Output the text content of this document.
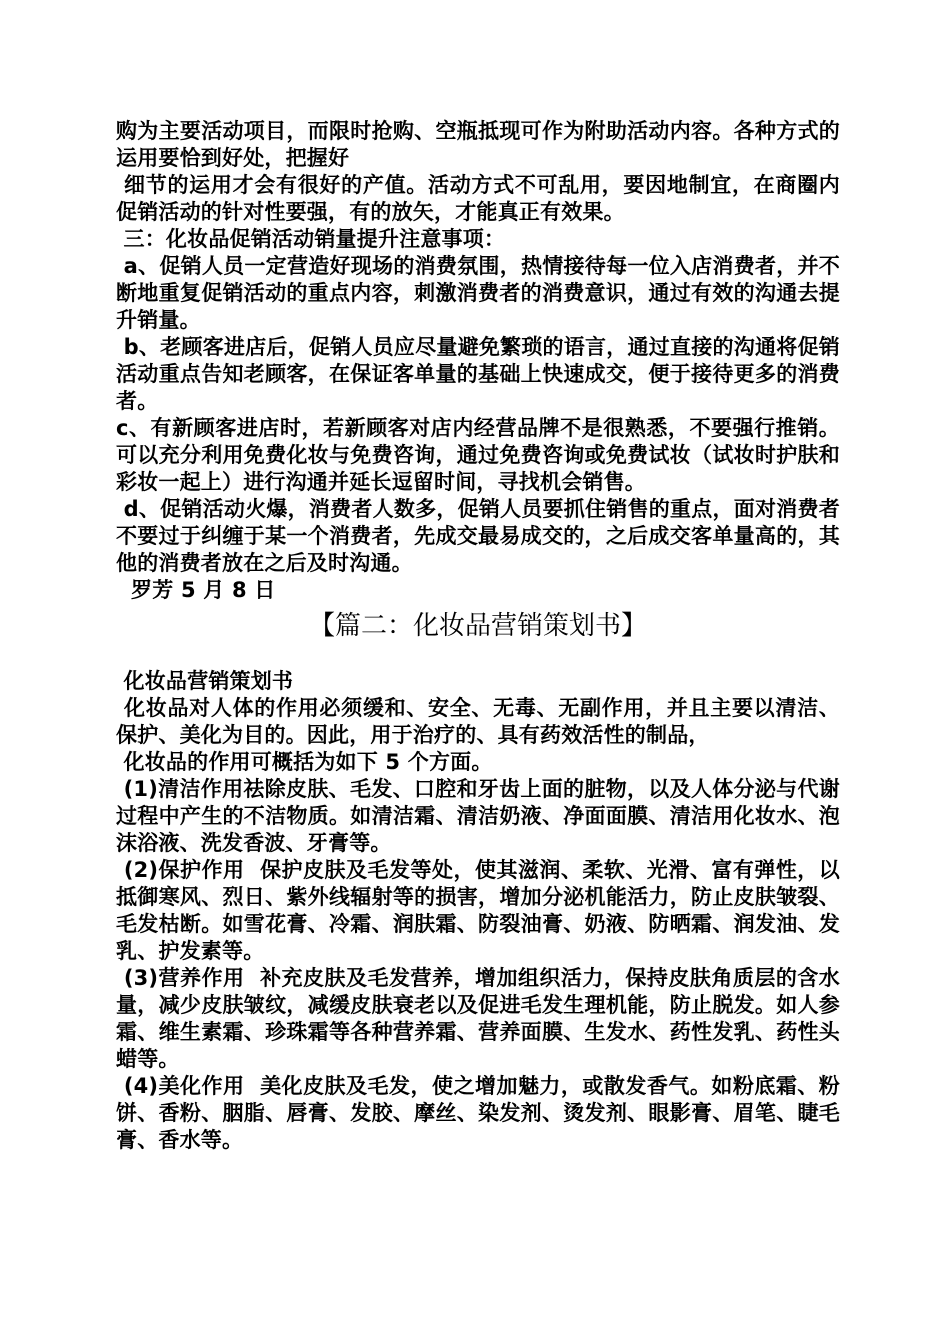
购为主要活动项目，而限时抢购、空瓶抵现可作为附助活动内容。各种方式的运用要恰到好处，把握好

细节的运用才会有很好的产值。活动方式不可乱用，要因地制宜，在商圈内促销活动的针对性要强，有的放矢，才能真正有效果。

三：化妆品促销活动销量提升注意事项：

a、促销人员一定营造好现场的消费氛围，热情接待每一位入店消费者，并不断地重复促销活动的重点内容，刺激消费者的消费意识，通过有效的沟通去提升销量。

b、老顾客进店后，促销人员应尽量避免繁琐的语言，通过直接的沟通将促销活动重点告知老顾客，在保证客单量的基础上快速成交，便于接待更多的消费者。

c、有新顾客进店时，若新顾客对店内经营品牌不是很熟悉，不要强行推销。可以充分利用免费化妆与免费咨询，通过免费咨询或免费试妆（试妆时护肤和彩妆一起上）进行沟通并延长逗留时间，寻找机会销售。

d、促销活动火爆，消费者人数多，促销人员要抓住销售的重点，面对消费者不要过于纠缠于某一个消费者，先成交最易成交的，之后成交客单量高的，其他的消费者放在之后及时沟通。

罗芳 5 月 8 日

【篇二：化妆品营销策划书】

化妆品营销策划书

化妆品对人体的作用必须缓和、安全、无毒、无副作用，并且主要以清洁、保护、美化为目的。因此，用于治疗的、具有药效活性的制品，

化妆品的作用可概括为如下 5 个方面。

(1)清洁作用祛除皮肤、毛发、口腔和牙齿上面的脏物，以及人体分泌与代谢过程中产生的不洁物质。如清洁霜、清洁奶液、净面面膜、清洁用化妆水、泡沫浴液、洗发香波、牙膏等。

(2)保护作用  保护皮肤及毛发等处，使其滋润、柔软、光滑、富有弹性，以抵御寒风、烈日、紫外线辐射等的损害，增加分泌机能活力，防止皮肤皱裂、毛发枯断。如雪花膏、冷霜、润肤霜、防裂油膏、奶液、防晒霜、润发油、发乳、护发素等。

(3)营养作用  补充皮肤及毛发营养，增加组织活力，保持皮肤角质层的含水量，减少皮肤皱纹，减缓皮肤衰老以及促进毛发生理机能，防止脱发。如人参霜、维生素霜、珍珠霜等各种营养霜、营养面膜、生发水、药性发乳、药性头蜡等。

(4)美化作用  美化皮肤及毛发，使之增加魅力，或散发香气。如粉底霜、粉饼、香粉、胭脂、唇膏、发胶、摩丝、染发剂、烫发剂、眼影膏、眉笔、睫毛膏、香水等。
